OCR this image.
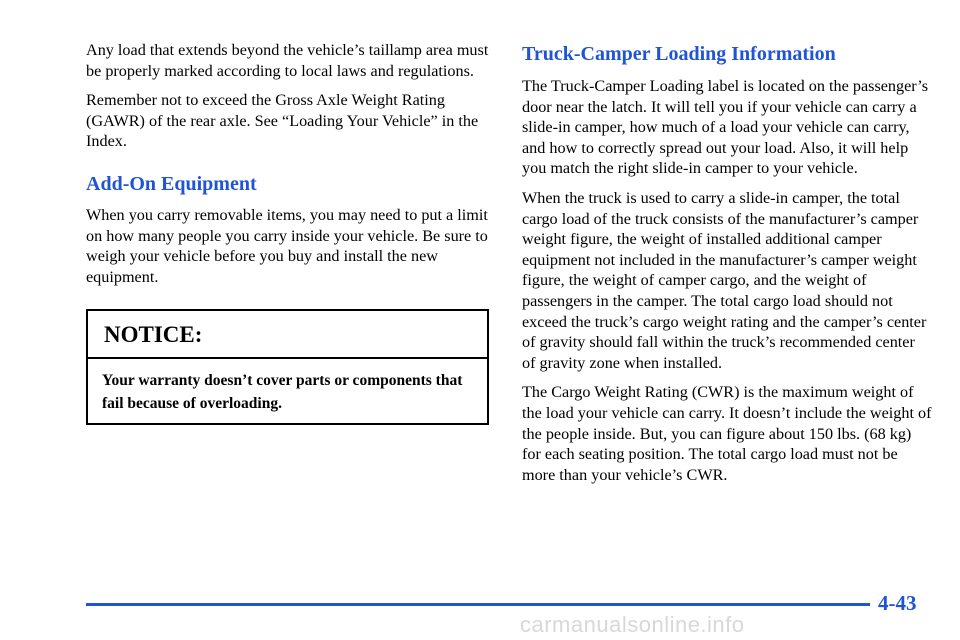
Any load that extends beyond the vehicle’s taillamp area must be properly marked according to local laws and regulations.

Remember not to exceed the Gross Axle Weight Rating (GAWR) of the rear axle. See “Loading Your Vehicle” in the Index.

Add-On Equipment

When you carry removable items, you may need to put a limit on how many people you carry inside your vehicle. Be sure to weigh your vehicle before you buy and install the new equipment.

NOTICE:
Your warranty doesn’t cover parts or components that fail because of overloading.
Truck-Camper Loading Information

The Truck-Camper Loading label is located on the passenger’s door near the latch. It will tell you if your vehicle can carry a slide-in camper, how much of a load your vehicle can carry, and how to correctly spread out your load. Also, it will help you match the right slide-in camper to your vehicle.

When the truck is used to carry a slide-in camper, the total cargo load of the truck consists of the manufacturer’s camper weight figure, the weight of installed additional camper equipment not included in the manufacturer’s camper weight figure, the weight of camper cargo, and the weight of passengers in the camper. The total cargo load should not exceed the truck’s cargo weight rating and the camper’s center of gravity should fall within the truck’s recommended center of gravity zone when installed.

The Cargo Weight Rating (CWR) is the maximum weight of the load your vehicle can carry. It doesn’t include the weight of the people inside. But, you can figure about 150 lbs. (68 kg) for each seating position. The total cargo load must not be more than your vehicle’s CWR.

4-43
carmanualsonline.info
